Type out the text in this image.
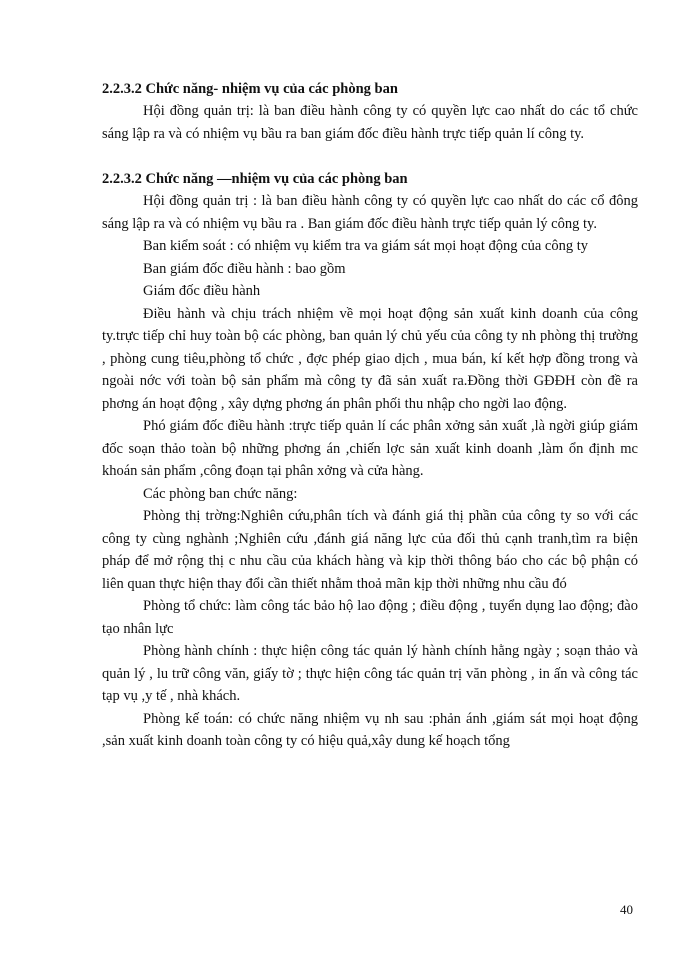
2.2.3.2 Chức năng- nhiệm vụ của các phòng ban

Hội đồng quản trị: là ban điều hành công ty có quyền lực cao nhất do các tổ chức sáng lập ra và có nhiệm vụ bầu ra ban giám đốc điều hành trực tiếp quản lí công ty.

2.2.3.2 Chức năng —nhiệm vụ của các phòng ban

Hội đồng quản trị : là ban điều hành công ty có quyền lực cao nhất do các cổ đông sáng lập ra và có nhiệm vụ bầu ra . Ban giám đốc điều hành trực tiếp quản lý công ty.

Ban kiểm soát : có nhiệm vụ kiểm tra va giám sát mọi hoạt động của công ty

Ban giám đốc điều hành : bao gồm

Giám đốc điều hành

Điều hành và chịu trách nhiệm về mọi hoạt động sản xuất kinh doanh của công ty.trực tiếp chỉ huy toàn bộ các phòng, ban quản lý chủ yếu của công ty nh phòng thị trường , phòng cung tiêu,phòng tổ chức , đợc phép giao dịch , mua bán, kí kết hợp đồng trong và ngoài nớc với toàn bộ sản phẩm mà công ty đã sản xuất ra.Đồng thời GĐĐH còn đề ra phơng án hoạt động , xây dựng phơng án phân phối thu nhập cho ngời lao động.

Phó giám đốc điều hành :trực tiếp quản lí các phân xởng sản xuất ,là ngời giúp giám đốc soạn thảo toàn bộ những phơng án ,chiến lợc sản xuất kinh doanh ,làm ổn định mc khoán sản phẩm ,công đoạn tại phân xởng và cửa hàng.

Các phòng ban chức năng:

Phòng thị trờng:Nghiên cứu,phân tích và đánh giá thị phần của công ty so với các công ty cùng nghành ;Nghiên cứu ,đánh giá năng lực của đối thủ cạnh tranh,tìm ra biện pháp để mở rộng thị c nhu cầu của khách hàng và kịp thời thông báo cho các bộ phận có liên quan thực hiện thay đổi cần thiết nhằm thoả mãn kịp thời những nhu cầu đó

Phòng tổ chức: làm công tác bảo hộ lao động ; điều động , tuyển dụng lao động; đào tạo nhân lực

Phòng hành chính : thực hiện công tác quản lý hành chính hằng ngày ; soạn thảo và quản lý , lu trữ công văn, giấy tờ ; thực hiện công tác quản trị văn phòng , in ấn và công tác tạp vụ ,y tế , nhà khách.

Phòng kế toán: có chức năng nhiệm vụ nh sau :phản ánh ,giám sát mọi hoạt động ,sản xuất kinh doanh toàn công ty có hiệu quả,xây dung kế hoạch tổng

40
